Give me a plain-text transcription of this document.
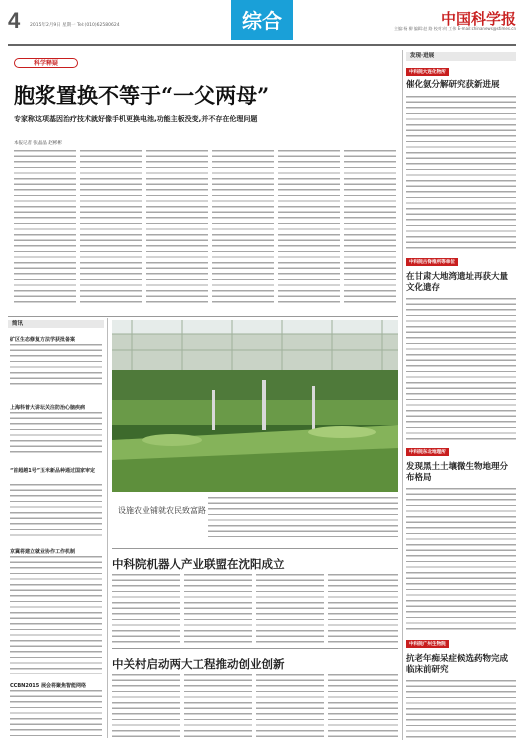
4 2015年2月9日 星期一 Tel:(010)62580624	综合	中国科学报
主编:杨 柳 编辑:赵 路 校对:何 工伟 E-mail:chinanews@stimes.cn
科学释疑
胞浆置换不等于“一父两母”
专家称这项基因治疗技术就好像手机更换电池,功能主板没变,并不存在伦理问题
本报记者 张晶晶 赵彬彬
简讯
矿区生态修复方法学获批备案
上海科普大讲坛关注防治心脑疾病
“首超越1号”玉米新品种通过国家审定
京冀将建立就业协作工作机制
CCBN2015 展会将聚焦智能网络
设施农业铺就农民致富路
中科院机器人产业联盟在沈阳成立
中关村启动两大工程推动创业创新
发现·进展
中科院大连化物所
催化氨分解研究获新进展
中科院古脊椎所等单位
在甘肃大地湾遗址再获大量文化遗存
中科院东北地理所
发现黑土土壤微生物地理分布格局
中科院广州生物院
抗老年痴呆症候选药物完成临床前研究
